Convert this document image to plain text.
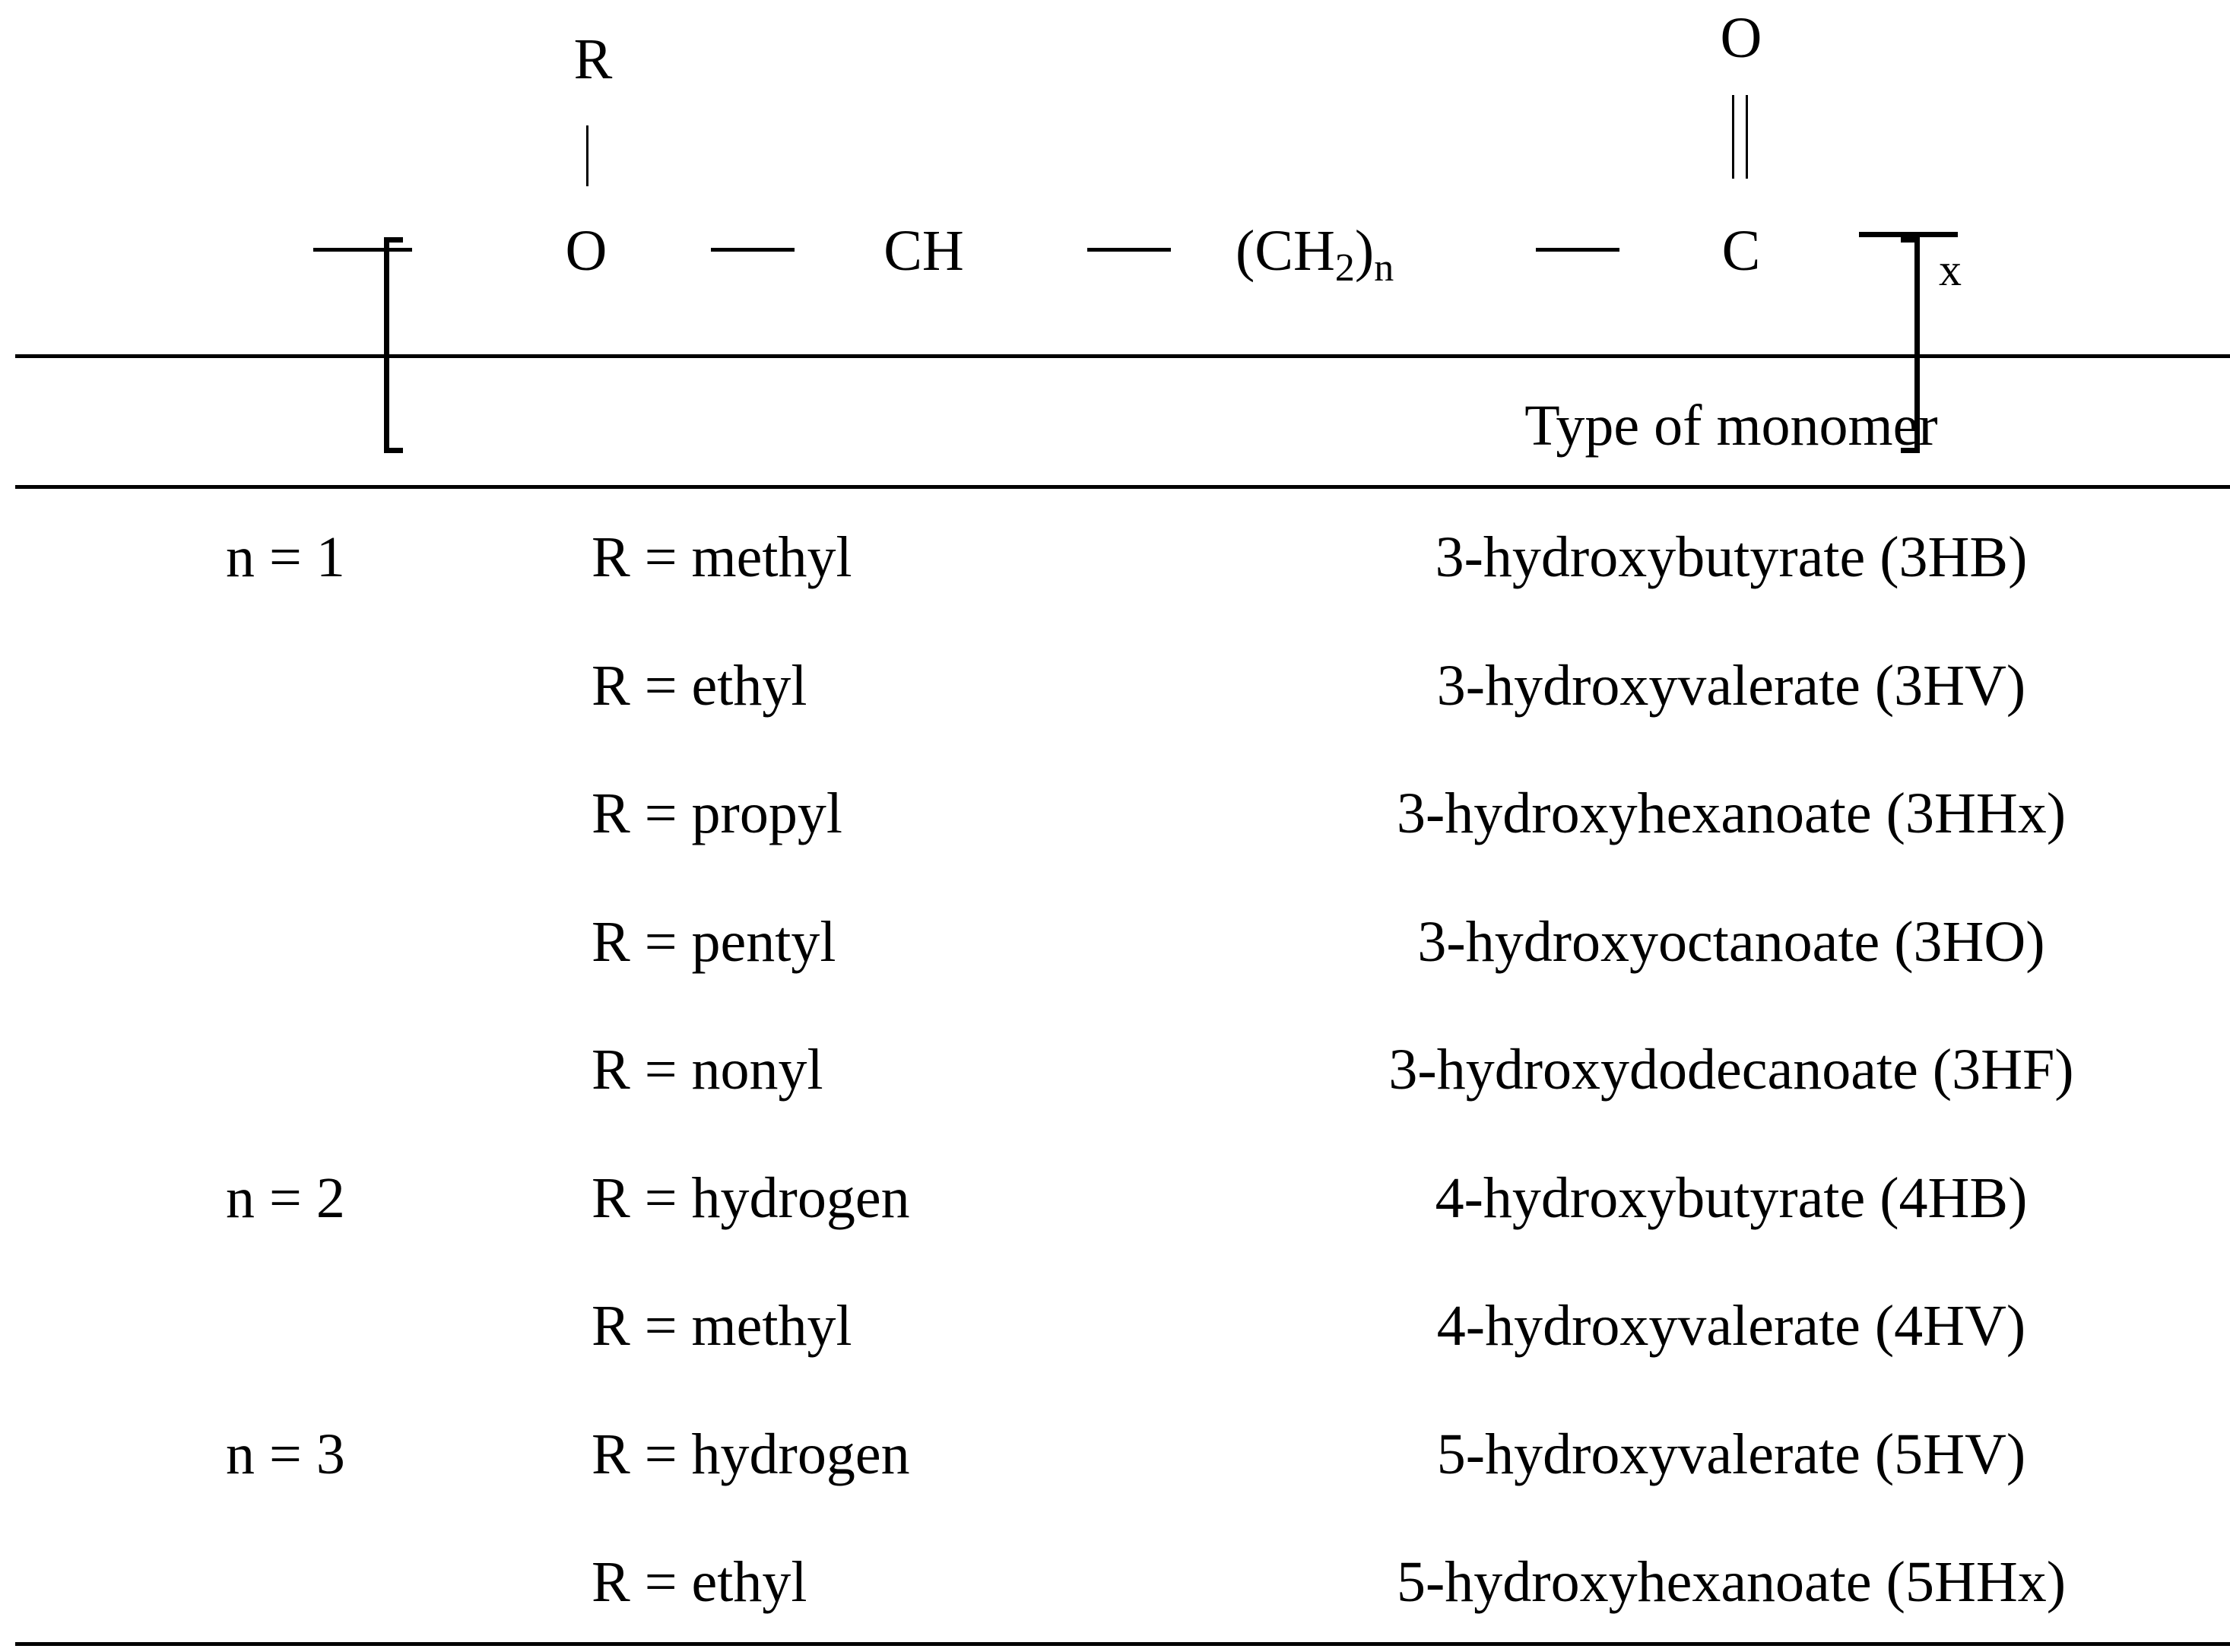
R
O	CH	(CH2)n	C
O
x
Type of monomer
n = 1	R = methyl	3-hydroxybutyrate (3HB)
R = ethyl	3-hydroxyvalerate (3HV)
R = propyl	3-hydroxyhexanoate (3HHx)
R = pentyl	3-hydroxyoctanoate (3HO)
R = nonyl	3-hydroxydodecanoate (3HF)
n = 2	R = hydrogen	4-hydroxybutyrate (4HB)
R = methyl	4-hydroxyvalerate (4HV)
n = 3	R = hydrogen	5-hydroxyvalerate (5HV)
R = ethyl	5-hydroxyhexanoate (5HHx)
